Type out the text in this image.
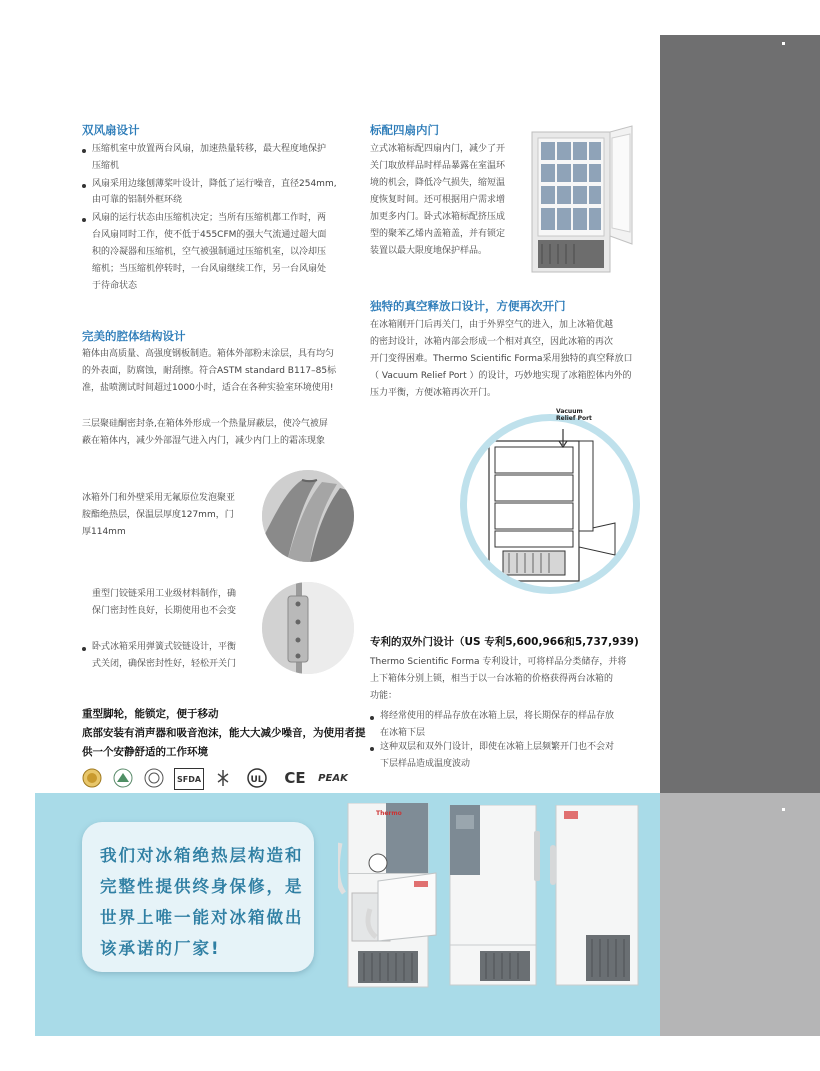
双风扇设计
压缩机室中放置两台风扇，加速热量转移，最大程度地保护
压缩机
风扇采用边缘刨薄桨叶设计，降低了运行噪音，直径254mm,
由可靠的铝制外框环绕
风扇的运行状态由压缩机决定；当所有压缩机都工作时，两
台风扇同时工作，使不低于455CFM的强大气流通过超大面
积的冷凝器和压缩机，空气被强制通过压缩机室，以冷却压
缩机；当压缩机停转时，一台风扇继续工作，另一台风扇处
于待命状态
完美的腔体结构设计
箱体由高质量、高强度钢板制造。箱体外部粉末涂层，具有均匀
的外表面，防腐蚀，耐刮擦。符合ASTM standard B117–85标
准，盐喷测试时间超过1000小时，适合在各种实验室环境使用!
三层聚硅酮密封条,在箱体外形成一个热量屏蔽层，使冷气被屏
蔽在箱体内，减少外部湿气进入内门，减少内门上的霜冻现象
冰箱外门和外壁采用无氟原位发泡聚亚
胺酯绝热层，保温层厚度127mm，门
厚114mm
重型门铰链采用工业级材料制作，确
保门密封性良好，长期使用也不会变
卧式冰箱采用弹簧式铰链设计，平衡
式关闭，确保密封性好，轻松开关门
重型脚轮，能锁定，便于移动
底部安装有消声器和吸音泡沫，能大大减少噪音，为使用者提
供一个安静舒适的工作环境
SFDA	UL CE PEAK
标配四扇内门
立式冰箱标配四扇内门，减少了开
关门取放样品时样品暴露在室温环
境的机会，降低冷气损失，缩短温
度恢复时间。还可根据用户需求增
加更多内门。卧式冰箱标配挤压成
型的聚苯乙烯内盖箱盖，并有锁定
装置以最大限度地保护样品。
独特的真空释放口设计，方便再次开门
在冰箱刚开门后再关门，由于外界空气的进入，加上冰箱优越
的密封设计，冰箱内部会形成一个相对真空，因此冰箱的再次
开门变得困难。Thermo Scientific Forma采用独特的真空释放口
（ Vacuum Relief Port ）的设计，巧妙地实现了冰箱腔体内外的
压力平衡，方便冰箱再次开门。
Vacuum
Relief Port
专利的双外门设计（US 专利5,600,966和5,737,939)
Thermo Scientific Forma 专利设计，可将样品分类储存，并将
上下箱体分别上锁，相当于以一台冰箱的价格获得两台冰箱的
功能：
将经常使用的样品存放在冰箱上层，将长期保存的样品存放
在冰箱下层
这种双层和双外门设计，即使在冰箱上层频繁开门也不会对
下层样品造成温度波动

我们对冰箱绝热层构造和

完整性提供终身保修，是

世界上唯一能对冰箱做出

该承诺的厂家!

Thermo
